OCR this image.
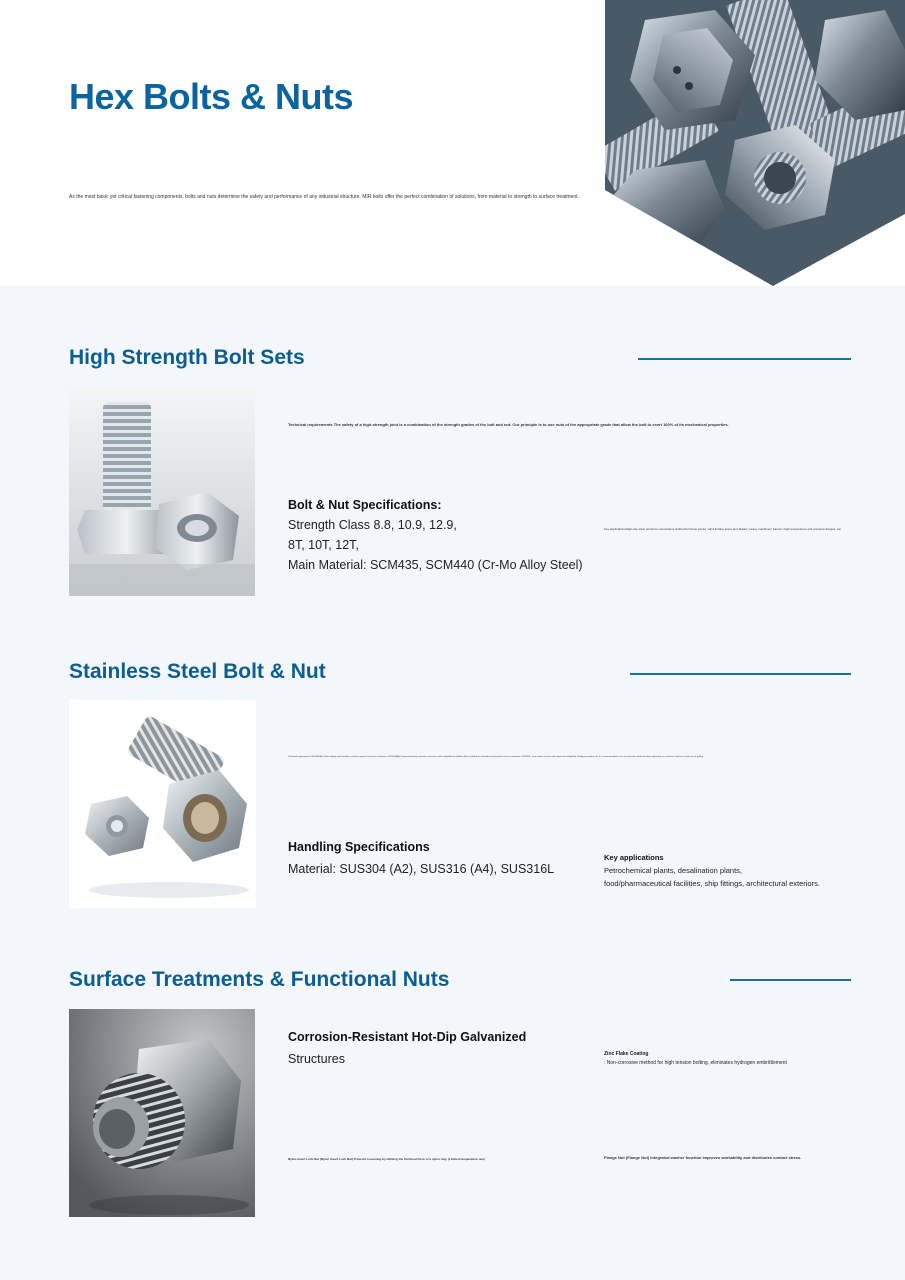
Hex Bolts & Nuts

As the most basic yet critical fastening components, bolts and nuts determine the safety and performance of any industrial structure. MIR bolts offer the perfect combination of solutions, from material to strength to surface treatment.

High Strength Bolt Sets

Technical requirements The safety of a high-strength joint is a combination of the strength grades of the bolt and nut. Our principle is to use nuts of the appropriate grade that allow the bolt to exert 100% of its mechanical properties.

Bolt & Nut Specifications:

Strength Class 8.8, 10.9, 12.9,

8T, 10T, 12T,

Main Material: SCM435, SCM440 (Cr-Mo Alloy Steel)

Key applicationsHigh-rise steel structure connections (bolted for frame joints), wind turbine tower and blades, heavy machinery frames, high-temperature and pressure flanges, etc.

Stainless Steel Bolt & Nut

Technical requirements SUS304(A2): Most widely used stainless steel for general corrosion resistance, SUS316(A4): Improved pitting corrosion resistance with molybdenum addition (Mo). Suitable for chloride environments such as seawater. SUS316L: Low-carbon version with improved weldability. Galling prevention tip: It is recommended to use an anti-seize lubricant when tightening, as stainless steel has a high risk of galling.

Handling Specifications

Material: SUS304 (A2), SUS316 (A4), SUS316L

Key applications

Petrochemical plants, desalination plants,

food/pharmaceutical facilities, ship fittings, architectural exteriors.

Surface Treatments & Functional Nuts

Corrosion-Resistant Hot-Dip Galvanized

Structures	Zinc Flake Coating

: Non-corrosive method for high tension bolting, eliminates hydrogen embrittlement

Nylon Insert Lock Nut (Nylon Insert Lock Nut) Prevents loosening by utilizing the frictional force of a nylon ring. (Limited temperature use)	Flange Nut (Flange Nut) Integrated washer function improves workability and distributes contact stress.
